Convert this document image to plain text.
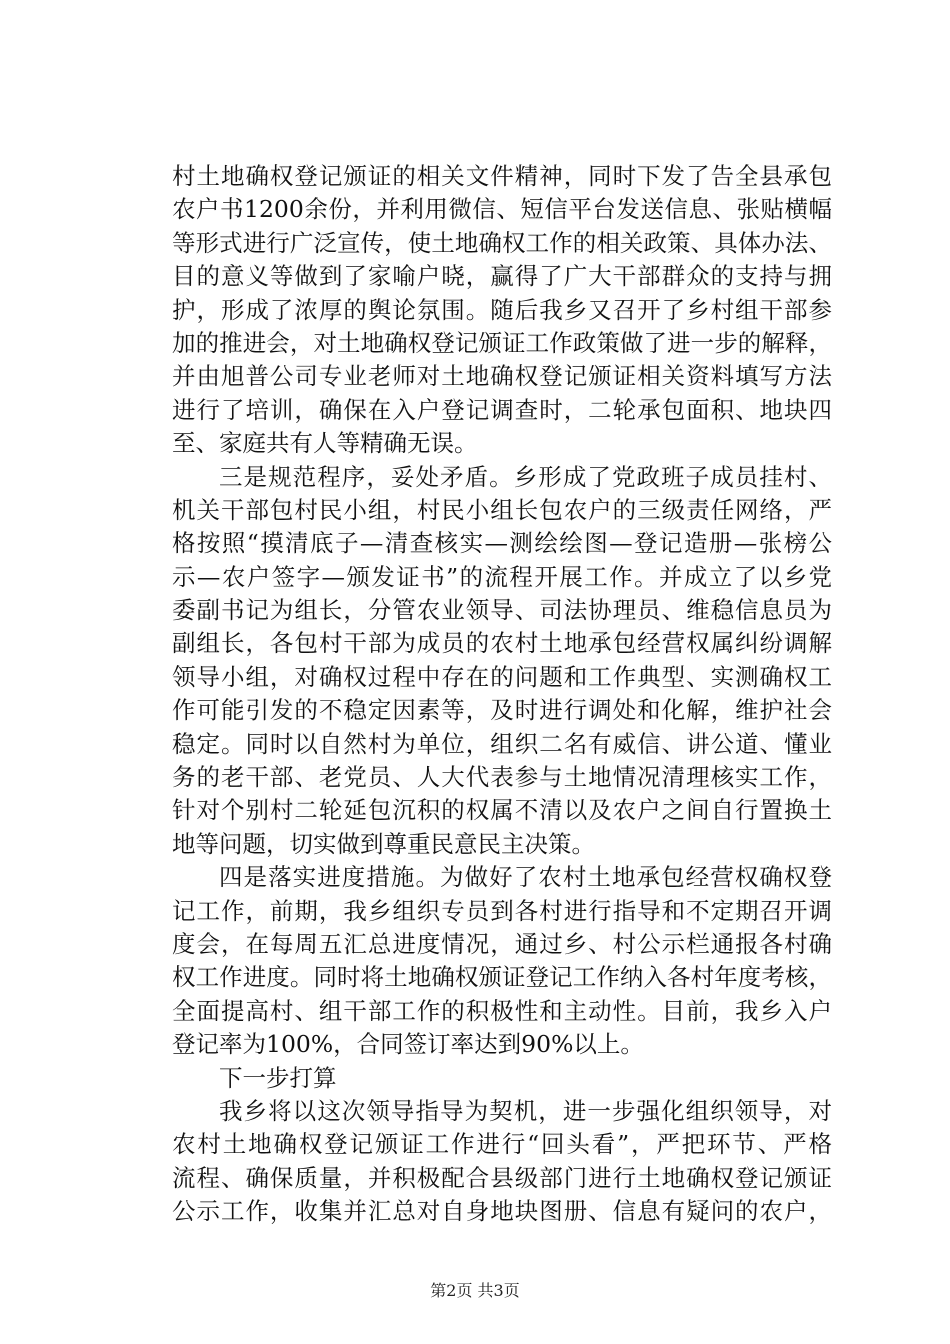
村土地确权登记颁证的相关文件精神，同时下发了告全县承包
农户书1200余份，并利用微信、短信平台发送信息、张贴横幅
等形式进行广泛宣传，使土地确权工作的相关政策、具体办法、
目的意义等做到了家喻户晓，赢得了广大干部群众的支持与拥
护，形成了浓厚的舆论氛围。随后我乡又召开了乡村组干部参
加的推进会，对土地确权登记颁证工作政策做了进一步的解释，
并由旭普公司专业老师对土地确权登记颁证相关资料填写方法
进行了培训，确保在入户登记调查时，二轮承包面积、地块四
至、家庭共有人等精确无误。
三是规范程序，妥处矛盾。乡形成了党政班子成员挂村、
机关干部包村民小组，村民小组长包农户的三级责任网络，严
格按照“摸清底子—清查核实—测绘绘图—登记造册—张榜公
示—农户签字—颁发证书”的流程开展工作。并成立了以乡党
委副书记为组长，分管农业领导、司法协理员、维稳信息员为
副组长，各包村干部为成员的农村土地承包经营权属纠纷调解
领导小组，对确权过程中存在的问题和工作典型、实测确权工
作可能引发的不稳定因素等，及时进行调处和化解，维护社会
稳定。同时以自然村为单位，组织二名有威信、讲公道、懂业
务的老干部、老党员、人大代表参与土地情况清理核实工作，
针对个别村二轮延包沉积的权属不清以及农户之间自行置换土
地等问题，切实做到尊重民意民主决策。
四是落实进度措施。为做好了农村土地承包经营权确权登
记工作，前期，我乡组织专员到各村进行指导和不定期召开调
度会，在每周五汇总进度情况，通过乡、村公示栏通报各村确
权工作进度。同时将土地确权颁证登记工作纳入各村年度考核，
全面提高村、组干部工作的积极性和主动性。目前，我乡入户
登记率为100%，合同签订率达到90%以上。
下一步打算
我乡将以这次领导指导为契机，进一步强化组织领导，对
农村土地确权登记颁证工作进行“回头看”，严把环节、严格
流程、确保质量，并积极配合县级部门进行土地确权登记颁证
公示工作，收集并汇总对自身地块图册、信息有疑问的农户，
第2页 共3页
